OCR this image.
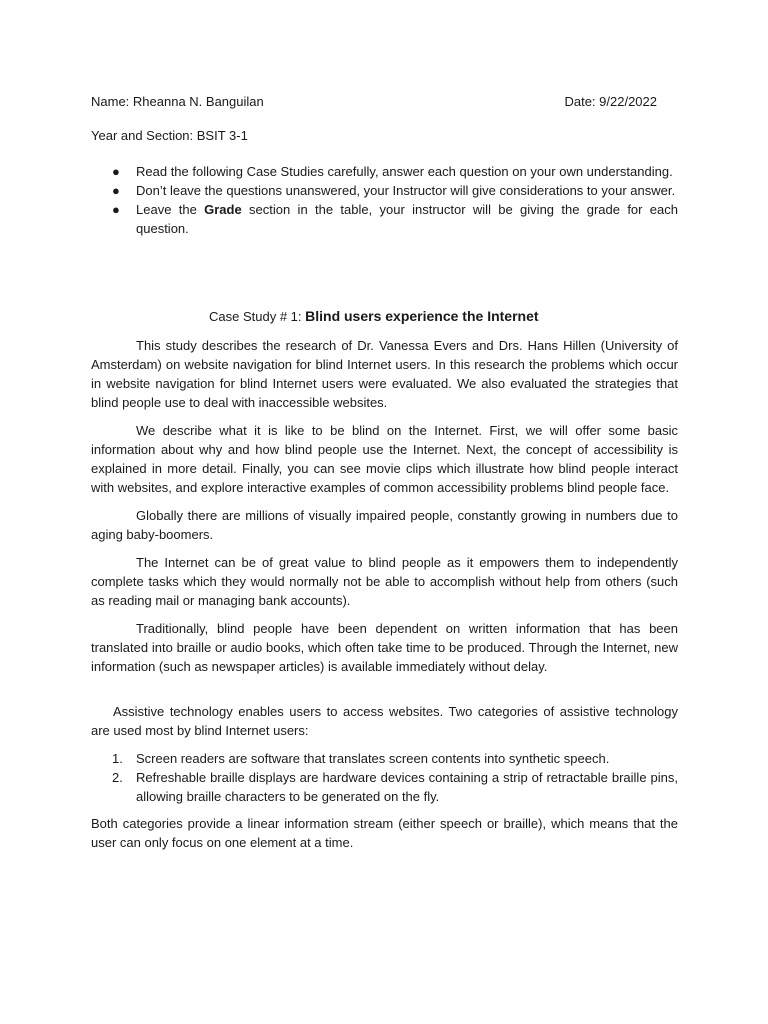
Name: Rheanna N. Banguilan	Date: 9/22/2022
Year and Section: BSIT 3-1
● Read the following Case Studies carefully, answer each question on your own understanding.
● Don’t leave the questions unanswered, your Instructor will give considerations to your answer.
● Leave the Grade section in the table, your instructor will be giving the grade for each question.
Case Study # 1: Blind users experience the Internet

This study describes the research of Dr. Vanessa Evers and Drs. Hans Hillen (University of Amsterdam) on website navigation for blind Internet users. In this research the problems which occur in website navigation for blind Internet users were evaluated. We also evaluated the strategies that blind people use to deal with inaccessible websites.

We describe what it is like to be blind on the Internet. First, we will offer some basic information about why and how blind people use the Internet. Next, the concept of accessibility is explained in more detail. Finally, you can see movie clips which illustrate how blind people interact with websites, and explore interactive examples of common accessibility problems blind people face.

Globally there are millions of visually impaired people, constantly growing in numbers due to aging baby-boomers.

The Internet can be of great value to blind people as it empowers them to independently complete tasks which they would normally not be able to accomplish without help from others (such as reading mail or managing bank accounts).

Traditionally, blind people have been dependent on written information that has been translated into braille or audio books, which often take time to be produced. Through the Internet, new information (such as newspaper articles) is available immediately without delay.

Assistive technology enables users to access websites. Two categories of assistive technology are used most by blind Internet users:

1. Screen readers are software that translates screen contents into synthetic speech.
2. Refreshable braille displays are hardware devices containing a strip of retractable braille pins, allowing braille characters to be generated on the fly.

Both categories provide a linear information stream (either speech or braille), which means that the user can only focus on one element at a time.
